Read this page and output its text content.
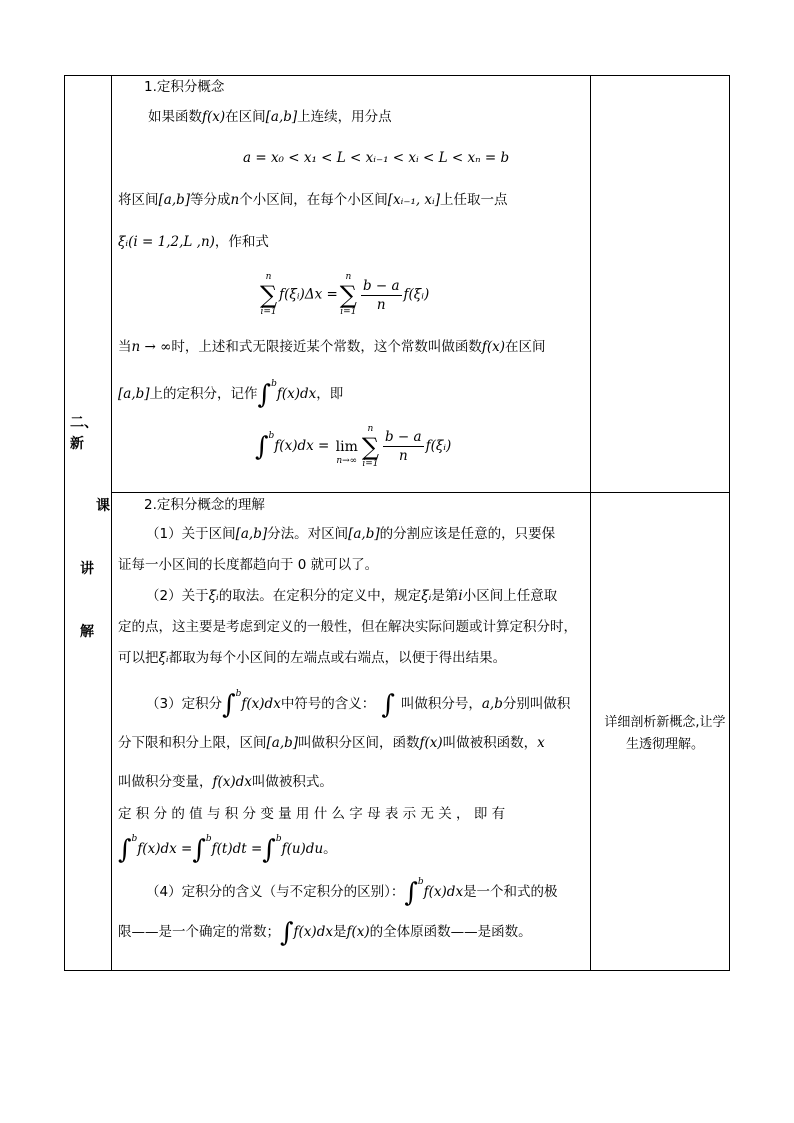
二、
新
课
讲
解
1.定积分概念
如果函数f(x)在区间[a,b]上连续，用分点
a = x₀ < x₁ < L < xᵢ₋₁ < xᵢ < L < xₙ = b
将区间[a,b]等分成n个小区间，在每个小区间[xᵢ₋₁, xᵢ]上任取一点
ξᵢ(i = 1,2,L ,n)，作和式
n
∑
i=1
f(ξᵢ)Δx =
n
∑
$i=1 \frac{b - a}{n}$ f(ξᵢ)
当n → ∞时，上述和式无限接近某个常数，这个常数叫做函数f(x)在区间
[a,b]上的定积分，记作∫$^b$f(x)dx，即
∫$^b$f(x)dx =
lim
n→∞
n
∑
$i=1 \frac{b - a}{n}$ f(ξᵢ)
2.定积分概念的理解
（1）关于区间[a,b]分法。对区间[a,b]的分割应该是任意的，只要保
证每一小区间的长度都趋向于 0 就可以了。
（2）关于ξᵢ的取法。在定积分的定义中，规定ξᵢ是第i小区间上任意取
定的点，这主要是考虑到定义的一般性，但在解决实际问题或计算定积分时，
可以把ξᵢ都取为每个小区间的左端点或右端点，以便于得出结果。
（3）定积分∫$^b$f(x)dx中符号的含义： ∫ 叫做积分号，a,b分别叫做积
分下限和积分上限，区间[a,b]叫做积分区间，函数f(x)叫做被积函数，x
叫做积分变量，f(x)dx叫做被积式。
定 积 分 的 值 与 积 分 变 量 用 什 么 字 母 表 示 无 关 ， 即 有
∫$^b$f(x)dx =∫$^b$f(t)dt =∫$^b$f(u)du。
（4）定积分的含义（与不定积分的区别）：∫$^b$f(x)dx是一个和式的极
限——是一个确定的常数；∫f(x)dx是f(x)的全体原函数——是函数。
详细剖析新概念,让学生透彻理解。
